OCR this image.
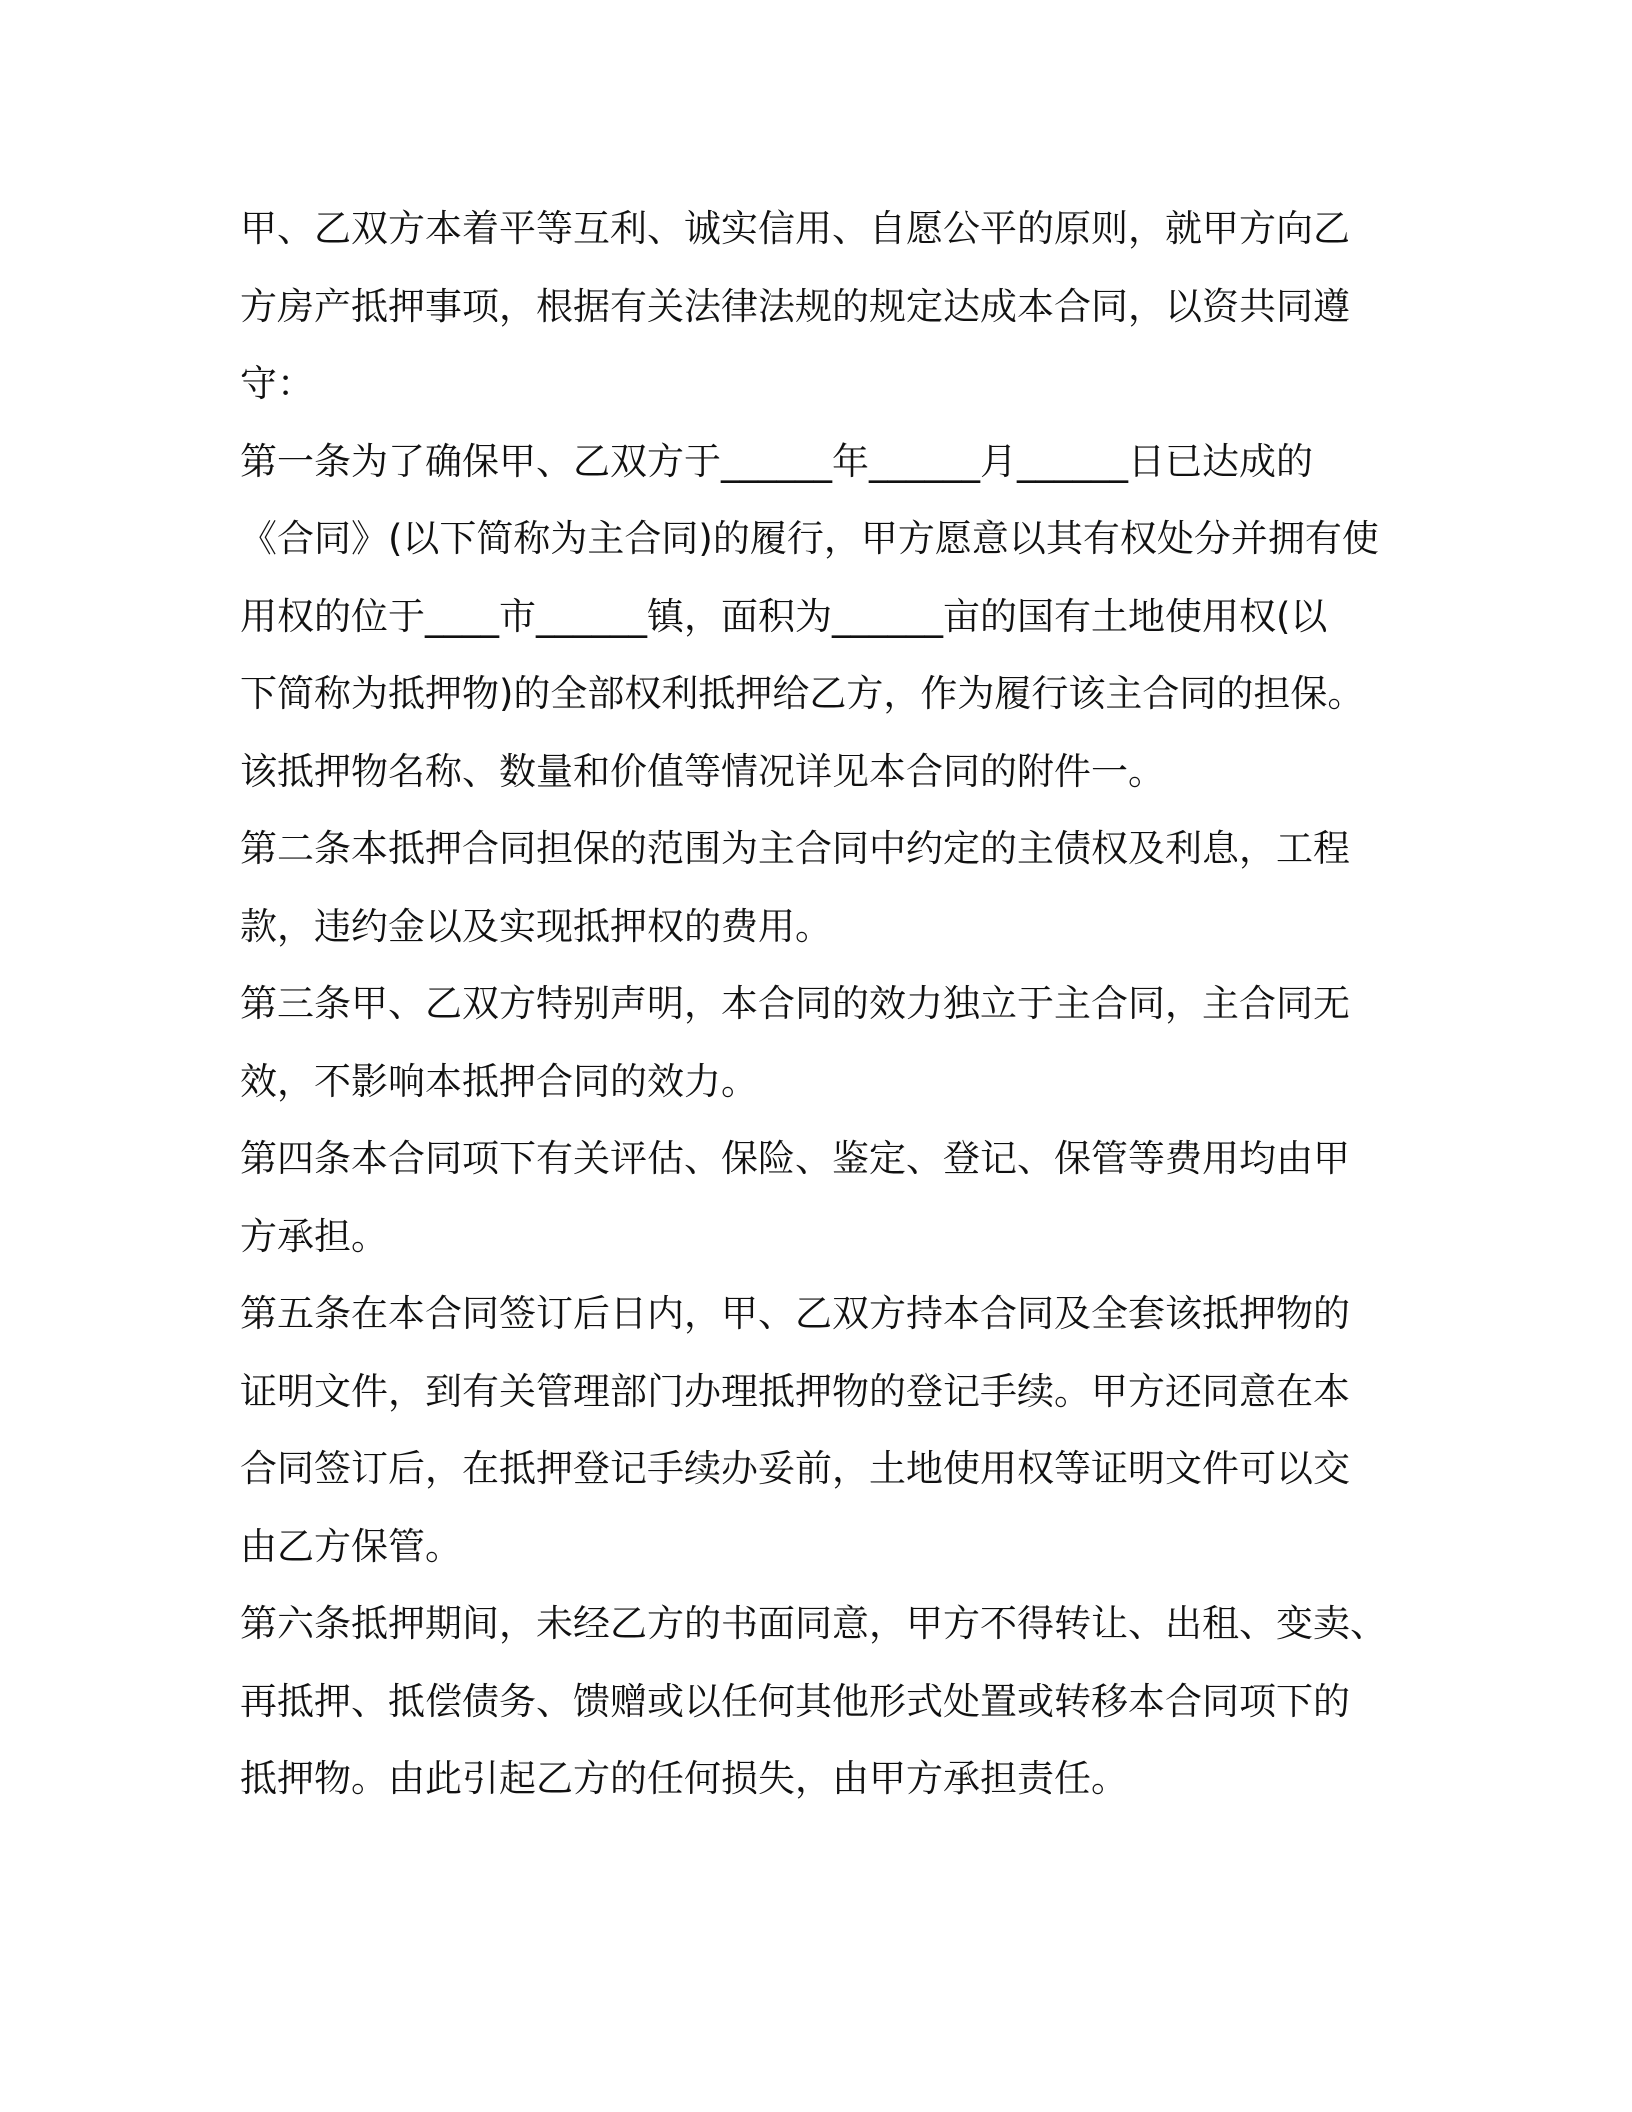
甲、乙双方本着平等互利、诚实信用、自愿公平的原则，就甲方向乙
方房产抵押事项，根据有关法律法规的规定达成本合同，以资共同遵
守：

第一条为了确保甲、乙双方于______年______月______日已达成的
《合同》(以下简称为主合同)的履行，甲方愿意以其有权处分并拥有使
用权的位于____市______镇，面积为______亩的国有土地使用权(以
下简称为抵押物)的全部权利抵押给乙方，作为履行该主合同的担保。
该抵押物名称、数量和价值等情况详见本合同的附件一。

第二条本抵押合同担保的范围为主合同中约定的主债权及利息，工程
款，违约金以及实现抵押权的费用。

第三条甲、乙双方特别声明，本合同的效力独立于主合同，主合同无
效，不影响本抵押合同的效力。

第四条本合同项下有关评估、保险、鉴定、登记、保管等费用均由甲
方承担。

第五条在本合同签订后日内，甲、乙双方持本合同及全套该抵押物的
证明文件，到有关管理部门办理抵押物的登记手续。甲方还同意在本
合同签订后，在抵押登记手续办妥前，土地使用权等证明文件可以交
由乙方保管。

第六条抵押期间，未经乙方的书面同意，甲方不得转让、出租、变卖、
再抵押、抵偿债务、馈赠或以任何其他形式处置或转移本合同项下的
抵押物。由此引起乙方的任何损失，由甲方承担责任。
